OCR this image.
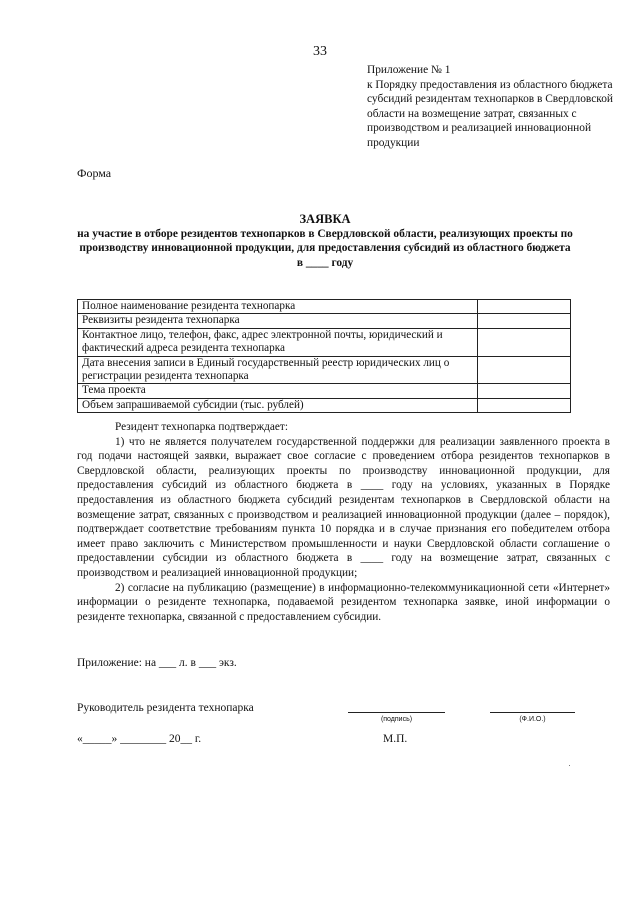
33
Приложение № 1
к Порядку предоставления из областного бюджета субсидий резидентам технопарков в Свердловской области на возмещение затрат, связанных с производством и реализацией инновационной продукции
Форма
ЗАЯВКА
на участие в отборе резидентов технопарков в Свердловской области, реализующих проекты по производству инновационной продукции, для предоставления субсидий из областного бюджета в ____ году
Полное наименование резидента технопарка	
Реквизиты резидента технопарка	
Контактное лицо, телефон, факс, адрес электронной почты, юридический и фактический адреса резидента технопарка	
Дата внесения записи в Единый государственный реестр юридических лиц о регистрации резидента технопарка	
Тема проекта	
Объем запрашиваемой субсидии (тыс. рублей)	

Резидент технопарка подтверждает:

1) что не является получателем государственной поддержки для реализации заявленного проекта в год подачи настоящей заявки, выражает свое согласие с проведением отбора резидентов технопарков в Свердловской области, реализующих проекты по производству инновационной продукции, для предоставления субсидий из областного бюджета в ____ году на условиях, указанных в Порядке предоставления из областного бюджета субсидий резидентам технопарков в Свердловской области на возмещение затрат, связанных с производством и реализацией инновационной продукции (далее – порядок), подтверждает соответствие требованиям пункта 10 порядка и в случае признания его победителем отбора имеет право заключить с Министерством промышленности и науки Свердловской области соглашение о предоставлении субсидии из областного бюджета в ____ году на возмещение затрат, связанных с производством и реализацией инновационной продукции;

2) согласие на публикацию (размещение) в информационно-телекоммуникационной сети «Интернет» информации о резиденте технопарка, подаваемой резидентом технопарка заявке, иной информации о резиденте технопарка, связанной с предоставлением субсидии.

Приложение: на ___ л. в ___ экз.
Руководитель резидента технопарка
(подпись)	(Ф.И.О.)
«_____» ________ 20__ г.	М.П.
